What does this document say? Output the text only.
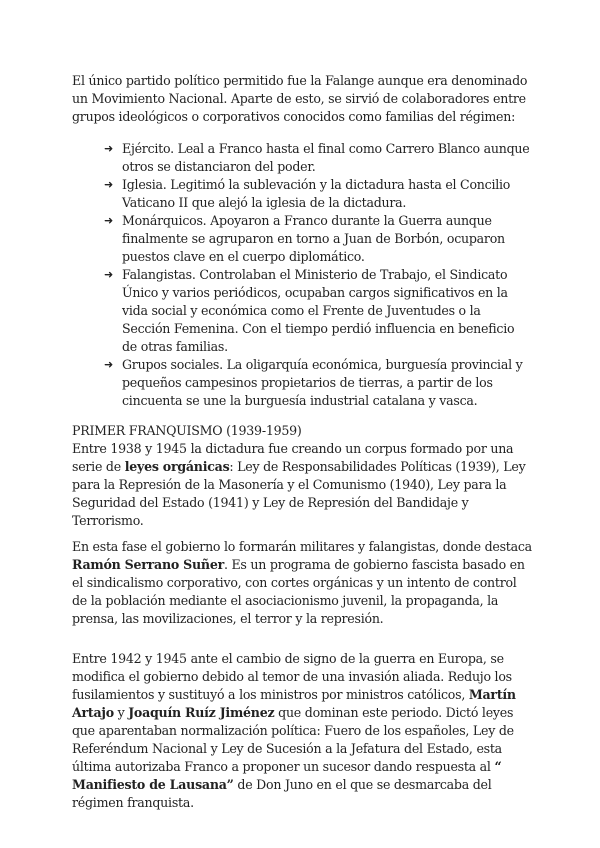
El único partido político permitido fue la Falange aunque era denominado un Movimiento Nacional. Aparte de esto, se sirvió de colaboradores entre grupos ideológicos o corporativos conocidos como familias del régimen:

➜ Ejército. Leal a Franco hasta el final como Carrero Blanco aunque otros se distanciaron del poder.
➜ Iglesia. Legitimó la sublevación y la dictadura hasta el Concilio Vaticano II que alejó la iglesia de la dictadura.
➜ Monárquicos. Apoyaron a Franco durante la Guerra aunque finalmente se agruparon en torno a Juan de Borbón, ocuparon puestos clave en el cuerpo diplomático.
➜ Falangistas. Controlaban el Ministerio de Trabajo, el Sindicato Único y varios periódicos, ocupaban cargos significativos en la vida social y económica como el Frente de Juventudes o la Sección Femenina. Con el tiempo perdió influencia en beneficio de otras familias.
➜ Grupos sociales. La oligarquía económica, burguesía provincial y pequeños campesinos propietarios de tierras, a partir de los cincuenta se une la burguesía industrial catalana y vasca.

PRIMER FRANQUISMO (1939-1959)

Entre 1938 y 1945 la dictadura fue creando un corpus formado por una serie de leyes orgánicas: Ley de Responsabilidades Políticas (1939), Ley para la Represión de la Masonería y el Comunismo (1940), Ley para la Seguridad del Estado (1941) y Ley de Represión del Bandidaje y Terrorismo.

En esta fase el gobierno lo formarán militares y falangistas, donde destaca Ramón Serrano Suñer. Es un programa de gobierno fascista basado en el sindicalismo corporativo, con cortes orgánicas y un intento de control de la población mediante el asociacionismo juvenil, la propaganda, la prensa, las movilizaciones, el terror y la represión.

Entre 1942 y 1945 ante el cambio de signo de la guerra en Europa, se modifica el gobierno debido al temor de una invasión aliada. Redujo los fusilamientos y sustituyó a los ministros por ministros católicos, Martín Artajo y Joaquín Ruíz Jiménez que dominan este periodo. Dictó leyes que aparentaban normalización política: Fuero de los españoles, Ley de Referéndum Nacional y Ley de Sucesión a la Jefatura del Estado, esta última autorizaba Franco a proponer un sucesor dando respuesta al “ Manifiesto de Lausana” de Don Juno en el que se desmarcaba del régimen franquista.
